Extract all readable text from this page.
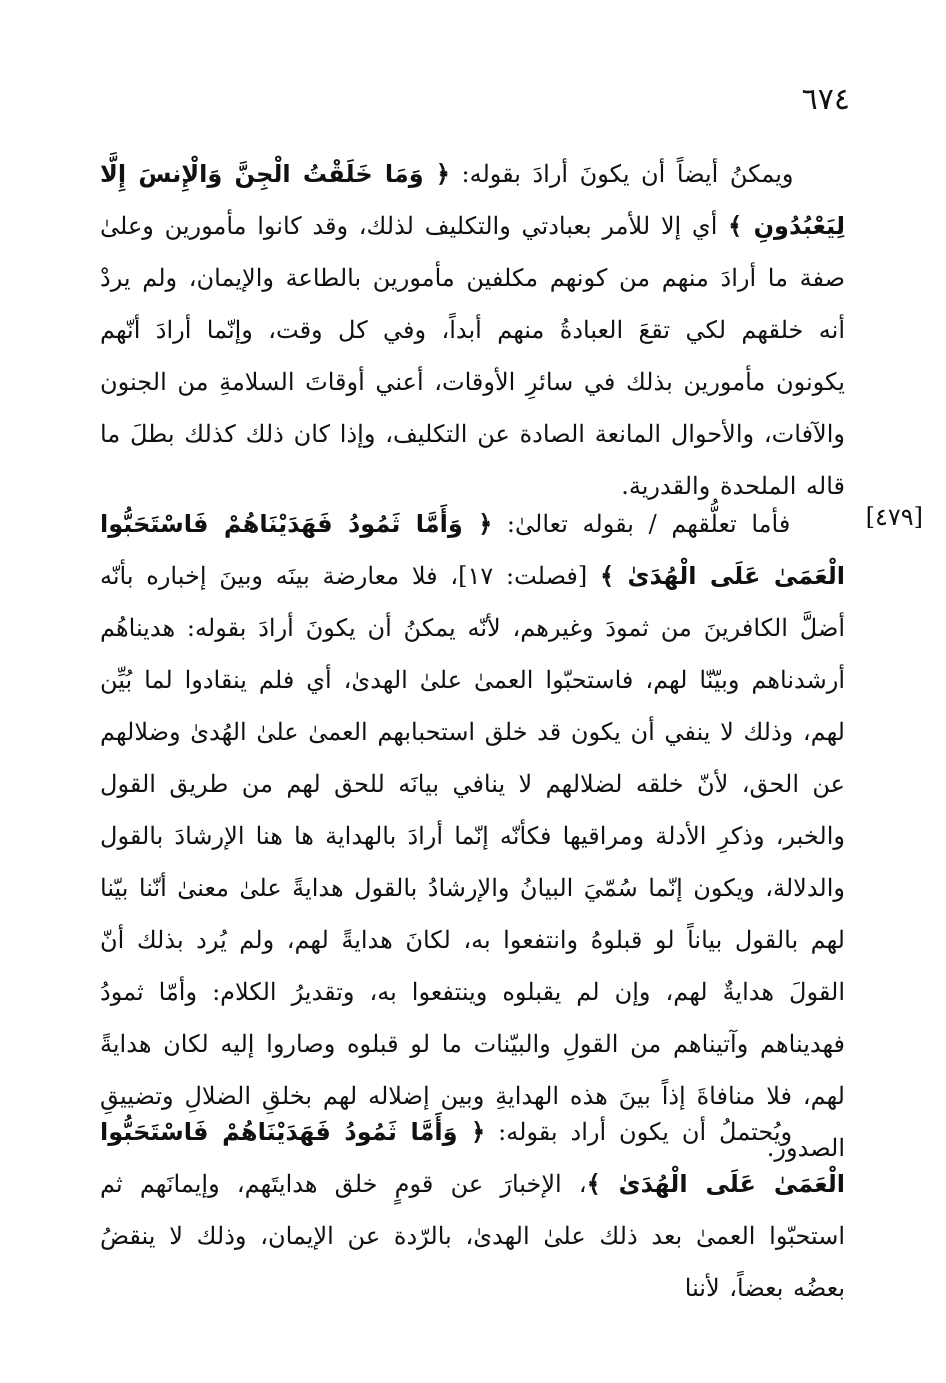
٦٧٤
ويمكنُ أيضاً أن يكونَ أرادَ بقوله: ﴿ وَمَا خَلَقْتُ الْجِنَّ وَالْإِنسَ إِلَّا لِيَعْبُدُونِ ﴾ أي إلا للأمر بعبادتي والتكليف لذلك، وقد كانوا مأمورين وعلىٰ صفة ما أرادَ منهم من كونهم مكلفين مأمورين بالطاعة والإيمان، ولم يردْ أنه خلقهم لكي تقعَ العبادةُ منهم أبداً، وفي كل وقت، وإنّما أرادَ أنّهم يكونون مأمورين بذلك في سائرِ الأوقات، أعني أوقاتَ السلامةِ من الجنون والآفات، والأحوال المانعة الصادة عن التكليف، وإذا كان ذلك كذلك بطلَ ما قاله الملحدة والقدرية.
[٤٧٩]
فأما تعلُّقهم / بقوله تعالىٰ: ﴿ وَأَمَّا ثَمُودُ فَهَدَيْنَاهُمْ فَاسْتَحَبُّوا الْعَمَىٰ عَلَى الْهُدَىٰ ﴾ [فصلت: ١٧]، فلا معارضة بينَه وبينَ إخباره بأنّه أضلَّ الكافرينَ من ثمودَ وغيرهم، لأنّه يمكنُ أن يكونَ أرادَ بقوله: هديناهُم أرشدناهم وبيّنّا لهم، فاستحبّوا العمىٰ علىٰ الهدىٰ، أي فلم ينقادوا لما بُيِّن لهم، وذلك لا ينفي أن يكون قد خلق استحبابهم العمىٰ علىٰ الهُدىٰ وضلالهم عن الحق، لأنّ خلقه لضلالهم لا ينافي بيانَه للحق لهم من طريق القول والخبر، وذكرِ الأدلة ومراقيها فكأنّه إنّما أرادَ بالهداية ها هنا الإرشادَ بالقول والدلالة، ويكون إنّما سُمّيَ البيانُ والإرشادُ بالقول هدايةً علىٰ معنىٰ أنّنا بيّنا لهم بالقول بياناً لو قبلوهُ وانتفعوا به، لكانَ هدايةً لهم، ولم يُرد بذلك أنّ القولَ هدايةٌ لهم، وإن لم يقبلوه وينتفعوا به، وتقديرُ الكلام: وأمّا ثمودُ فهديناهم وآتيناهم من القولِ والبيّنات ما لو قبلوه وصاروا إليه لكان هدايةً لهم، فلا منافاةَ إذاً بينَ هذه الهدايةِ وبين إضلاله لهم بخلقِ الضلالِ وتضييقِ الصدور.
ويُحتملُ أن يكون أراد بقوله: ﴿ وَأَمَّا ثَمُودُ فَهَدَيْنَاهُمْ فَاسْتَحَبُّوا الْعَمَىٰ عَلَى الْهُدَىٰ ﴾، الإخبارَ عن قومٍ خلق هدايتَهم، وإيمانَهم ثم استحبّوا العمىٰ بعد ذلك علىٰ الهدىٰ، بالرّدة عن الإيمان، وذلك لا ينقضُ بعضُه بعضاً، لأننا
